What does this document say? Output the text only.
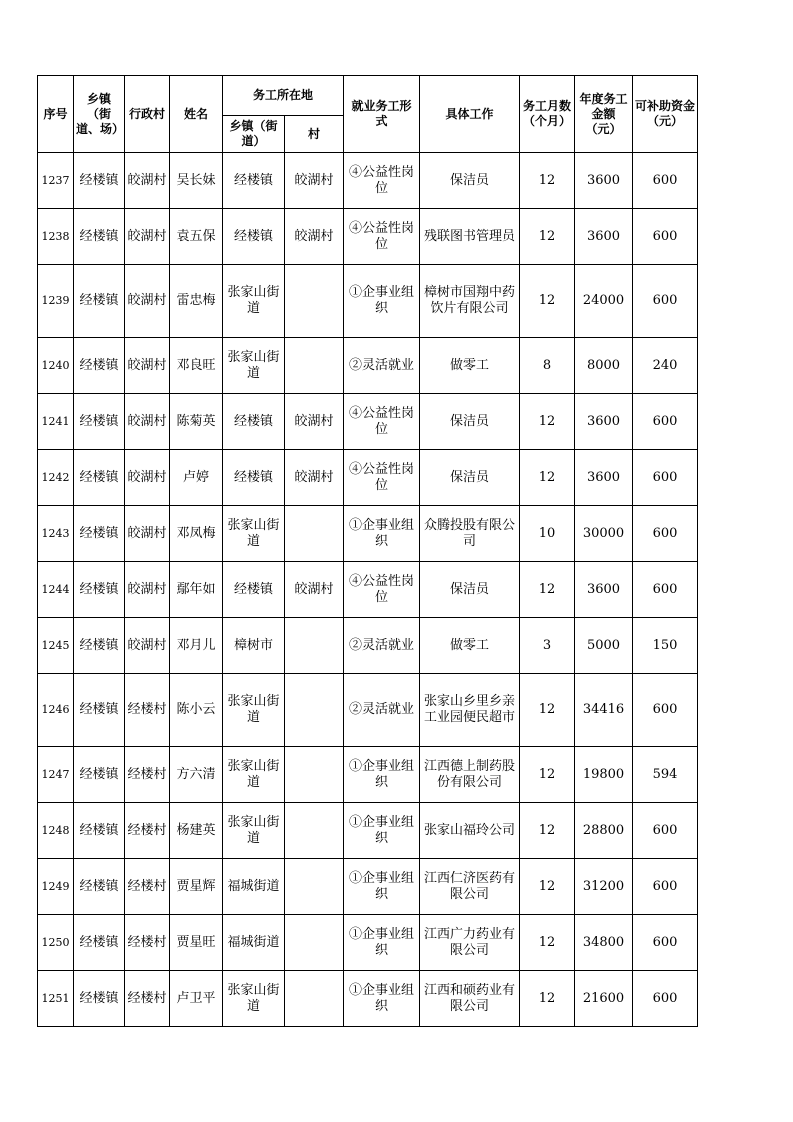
序号	乡镇（街道、场）	行政村	姓名	务工所在地		就业务工形式	具体工作	务工月数（个月）	年度务工金额（元）	可补助资金（元）
				乡镇（街道）	村					
1237	经楼镇	皎湖村	吴长妹	经楼镇	皎湖村	④公益性岗位	保洁员	12	3600	600
1238	经楼镇	皎湖村	袁五保	经楼镇	皎湖村	④公益性岗位	残联图书管理员	12	3600	600
1239	经楼镇	皎湖村	雷忠梅	张家山街道		①企事业组织	樟树市国翔中药饮片有限公司	12	24000	600
1240	经楼镇	皎湖村	邓良旺	张家山街道		②灵活就业	做零工	8	8000	240
1241	经楼镇	皎湖村	陈菊英	经楼镇	皎湖村	④公益性岗位	保洁员	12	3600	600
1242	经楼镇	皎湖村	卢婷	经楼镇	皎湖村	④公益性岗位	保洁员	12	3600	600
1243	经楼镇	皎湖村	邓凤梅	张家山街道		①企事业组织	众腾投股有限公司	10	30000	600
1244	经楼镇	皎湖村	鄢年如	经楼镇	皎湖村	④公益性岗位	保洁员	12	3600	600
1245	经楼镇	皎湖村	邓月儿	樟树市		②灵活就业	做零工	3	5000	150
1246	经楼镇	经楼村	陈小云	张家山街道		②灵活就业	张家山乡里乡亲工业园便民超市	12	34416	600
1247	经楼镇	经楼村	方六清	张家山街道		①企事业组织	江西德上制药股份有限公司	12	19800	594
1248	经楼镇	经楼村	杨建英	张家山街道		①企事业组织	张家山福玲公司	12	28800	600
1249	经楼镇	经楼村	贾星辉	福城街道		①企事业组织	江西仁济医药有限公司	12	31200	600
1250	经楼镇	经楼村	贾星旺	福城街道		①企事业组织	江西广力药业有限公司	12	34800	600
1251	经楼镇	经楼村	卢卫平	张家山街道		①企事业组织	江西和硕药业有限公司	12	21600	600
